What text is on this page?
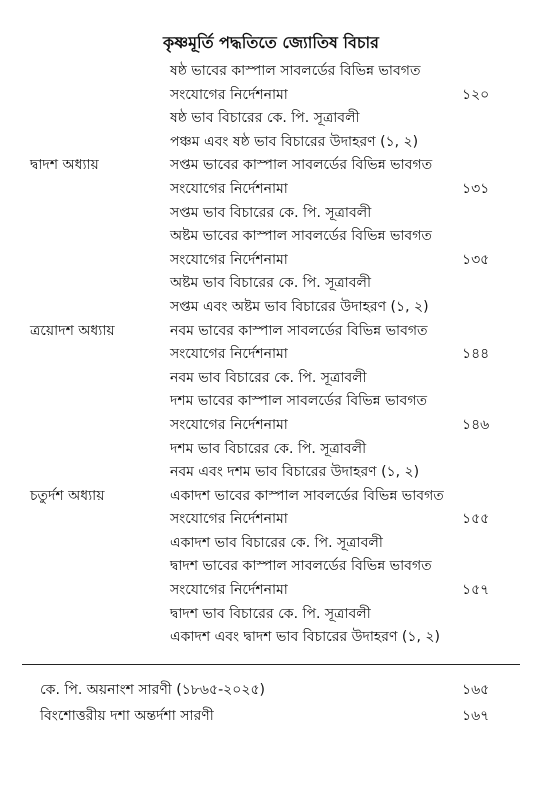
কৃষ্ণমূর্তি পদ্ধতিতে জ্যোতিষ বিচার
ষষ্ঠ ভাবের কাস্পাল সাবলর্ডের বিভিন্ন ভাবগত
সংযোগের নির্দেশনামা	১২০
ষষ্ঠ ভাব বিচারের কে. পি. সূত্রাবলী
পঞ্চম এবং ষষ্ঠ ভাব বিচারের উদাহরণ (১, ২)
দ্বাদশ অধ্যায়	সপ্তম ভাবের কাস্পাল সাবলর্ডের বিভিন্ন ভাবগত
সংযোগের নির্দেশনামা	১৩১
সপ্তম ভাব বিচারের কে. পি. সূত্রাবলী
অষ্টম ভাবের কাস্পাল সাবলর্ডের বিভিন্ন ভাবগত
সংযোগের নির্দেশনামা	১৩৫
অষ্টম ভাব বিচারের কে. পি. সূত্রাবলী
সপ্তম এবং অষ্টম ভাব বিচারের উদাহরণ (১, ২)
ত্রয়োদশ অধ্যায়	নবম ভাবের কাস্পাল সাবলর্ডের বিভিন্ন ভাবগত
সংযোগের নির্দেশনামা	১৪৪
নবম ভাব বিচারের কে. পি. সূত্রাবলী
দশম ভাবের কাস্পাল সাবলর্ডের বিভিন্ন ভাবগত
সংযোগের নির্দেশনামা	১৪৬
দশম ভাব বিচারের কে. পি. সূত্রাবলী
নবম এবং দশম ভাব বিচারের উদাহরণ (১, ২)
চতুর্দশ অধ্যায়	একাদশ ভাবের কাস্পাল সাবলর্ডের বিভিন্ন ভাবগত
সংযোগের নির্দেশনামা	১৫৫
একাদশ ভাব বিচারের কে. পি. সূত্রাবলী
দ্বাদশ ভাবের কাস্পাল সাবলর্ডের বিভিন্ন ভাবগত
সংযোগের নির্দেশনামা	১৫৭
দ্বাদশ ভাব বিচারের কে. পি. সূত্রাবলী
একাদশ এবং দ্বাদশ ভাব বিচারের উদাহরণ (১, ২)
কে. পি. অয়নাংশ সারণী (১৮৬৫-২০২৫)	১৬৫
বিংশোত্তরীয় দশা অন্তর্দশা সারণী	১৬৭
